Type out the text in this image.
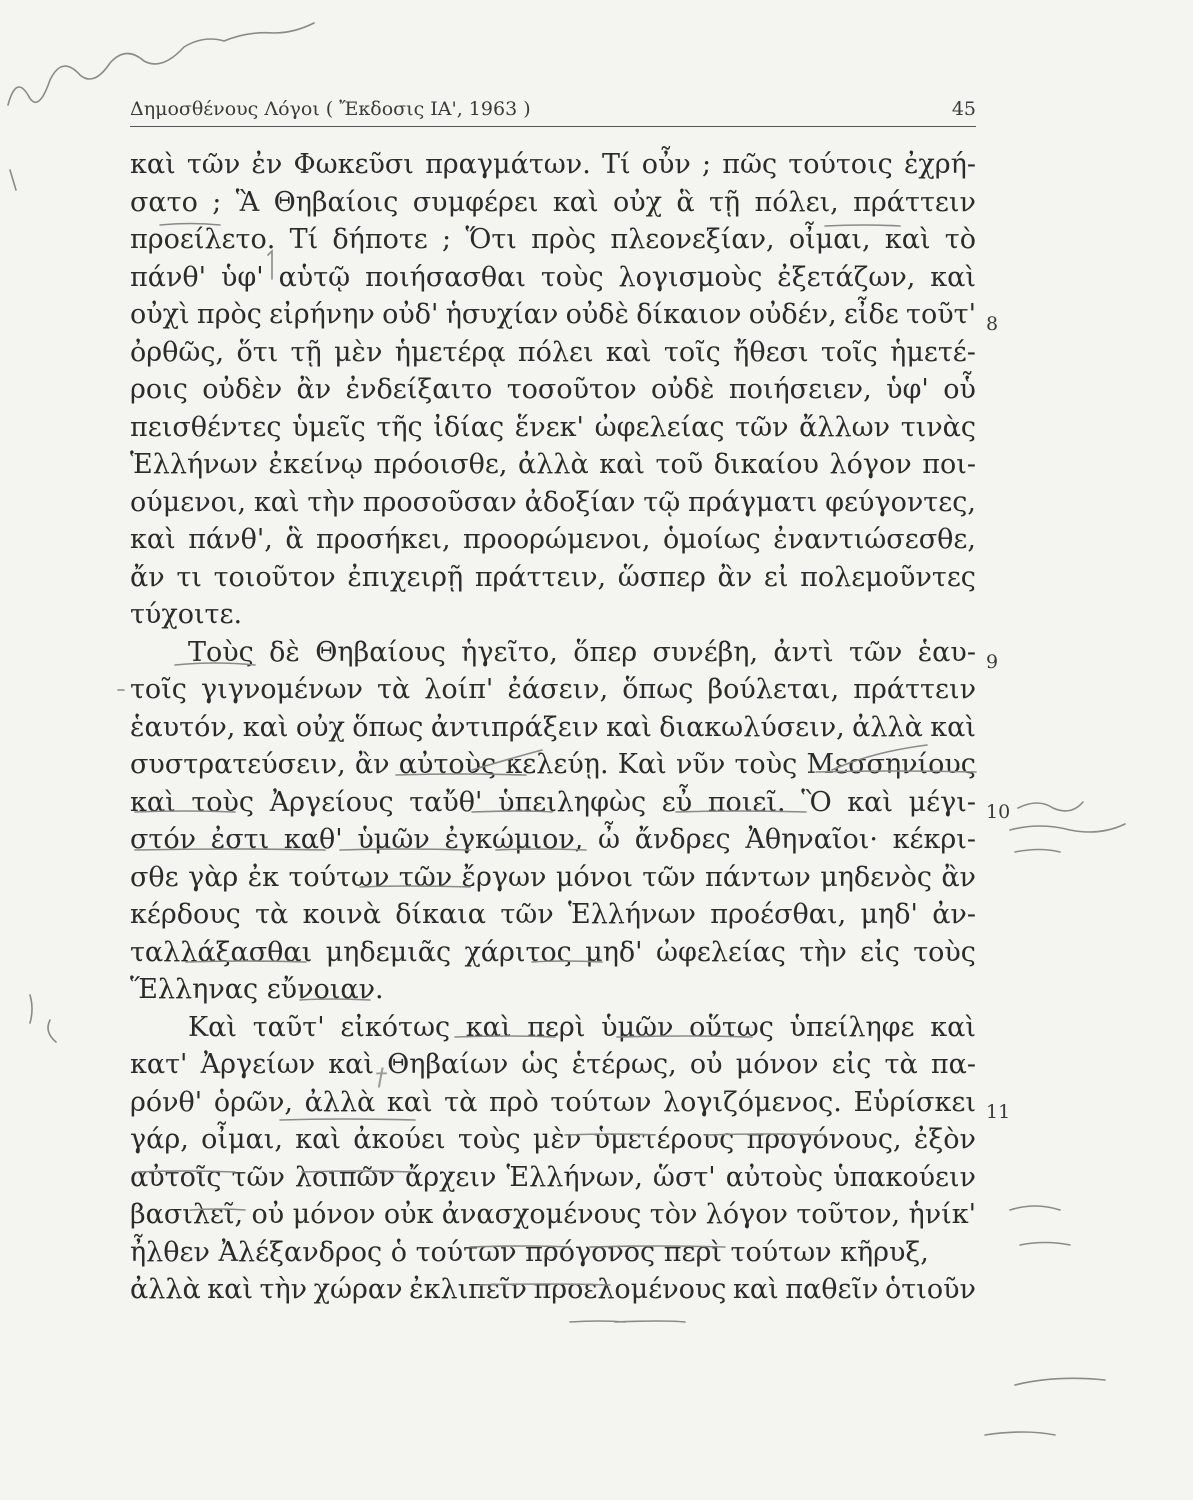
Δημοσθένους Λόγοι ( Ἔκδοσις ΙΑ', 1963 )	45
καὶ τῶν ἐν Φωκεῦσι πραγμάτων. Τί οὖν ; πῶς τούτοις ἐχρή-
σατο ; Ἃ Θηβαίοις συμφέρει καὶ οὐχ ἃ τῇ πόλει, πράττειν
προείλετο. Τί δήποτε ; Ὅτι πρὸς πλεονεξίαν, οἶμαι, καὶ τὸ
πάνθ' ὑφ' αὑτῷ ποιήσασθαι τοὺς λογισμοὺς ἐξετάζων, καὶ
οὐχὶ πρὸς εἰρήνην οὐδ' ἡσυχίαν οὐδὲ δίκαιον οὐδέν, εἶδε τοῦτ'
ὀρθῶς, ὅτι τῇ μὲν ἡμετέρᾳ πόλει καὶ τοῖς ἤθεσι τοῖς ἡμετέ-
ροις οὐδὲν ἂν ἐνδείξαιτο τοσοῦτον οὐδὲ ποιήσειεν, ὑφ' οὗ
πεισθέντες ὑμεῖς τῆς ἰδίας ἕνεκ' ὠφελείας τῶν ἄλλων τινὰς
Ἑλλήνων ἐκείνῳ πρόοισθε, ἀλλὰ καὶ τοῦ δικαίου λόγον ποι-
ούμενοι, καὶ τὴν προσοῦσαν ἀδοξίαν τῷ πράγματι φεύγοντες,
καὶ πάνθ', ἃ προσήκει, προορώμενοι, ὁμοίως ἐναντιώσεσθε,
ἄν τι τοιοῦτον ἐπιχειρῇ πράττειν, ὥσπερ ἂν εἰ πολεμοῦντες
τύχοιτε.
Τοὺς δὲ Θηβαίους ἡγεῖτο, ὅπερ συνέβη, ἀντὶ τῶν ἑαυ-
τοῖς γιγνομένων τὰ λοίπ' ἐάσειν, ὅπως βούλεται, πράττειν
ἑαυτόν, καὶ οὐχ ὅπως ἀντιπράξειν καὶ διακωλύσειν, ἀλλὰ καὶ
συστρατεύσειν, ἂν αὐτοὺς κελεύῃ. Καὶ νῦν τοὺς Μεσσηνίους
καὶ τοὺς Ἀργείους ταὔθ' ὑπειληφὼς εὖ ποιεῖ. Ὃ καὶ μέγι-
στόν ἐστι καθ' ὑμῶν ἐγκώμιον, ὦ ἄνδρες Ἀθηναῖοι· κέκρι-
σθε γὰρ ἐκ τούτων τῶν ἔργων μόνοι τῶν πάντων μηδενὸς ἂν
κέρδους τὰ κοινὰ δίκαια τῶν Ἑλλήνων προέσθαι, μηδ' ἀν-
ταλλάξασθαι μηδεμιᾶς χάριτος μηδ' ὠφελείας τὴν εἰς τοὺς
Ἕλληνας εὔνοιαν.
Καὶ ταῦτ' εἰκότως καὶ περὶ ὑμῶν οὕτως ὑπείληφε καὶ
κατ' Ἀργείων καὶ Θηβαίων ὡς ἑτέρως, οὐ μόνον εἰς τὰ πα-
ρόνθ' ὁρῶν, ἀλλὰ καὶ τὰ πρὸ τούτων λογιζόμενος. Εὑρίσκει
γάρ, οἶμαι, καὶ ἀκούει τοὺς μὲν ὑμετέρους προγόνους, ἐξὸν
αὐτοῖς τῶν λοιπῶν ἄρχειν Ἑλλήνων, ὥστ' αὐτοὺς ὑπακούειν
βασιλεῖ, οὐ μόνον οὐκ ἀνασχομένους τὸν λόγον τοῦτον, ἡνίκ'
ἦλθεν Ἀλέξανδρος ὁ τούτων πρόγονος περὶ τούτων κῆρυξ,
ἀλλὰ καὶ τὴν χώραν ἐκλιπεῖν προελομένους καὶ παθεῖν ὁτιοῦν
8
9
10
11
†
